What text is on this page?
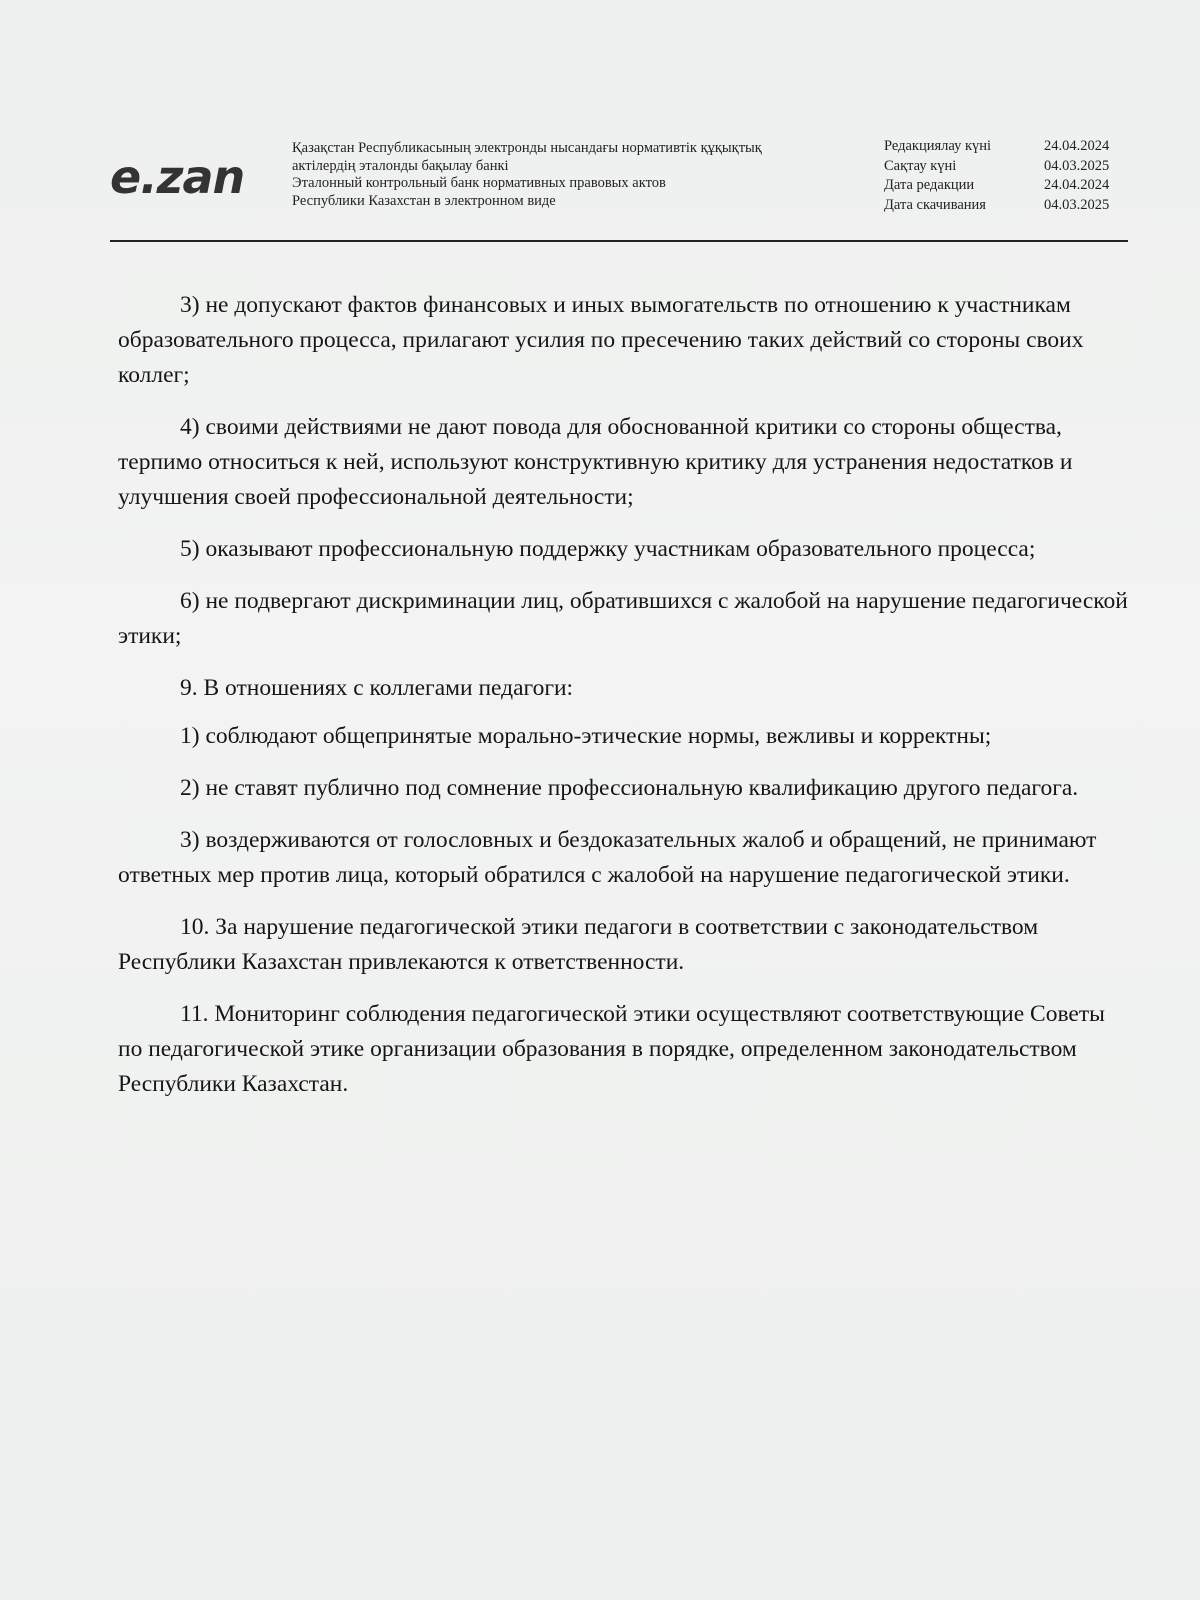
e.zan
Қазақстан Республикасының электронды нысандағы нормативтік құқықтық
актілердің эталонды бақылау банкі
Эталонный контрольный банк нормативных правовых актов
Республики Казахстан в электронном виде
Редакциялау күні	24.04.2024
Сақтау күні	04.03.2025
Дата редакции	24.04.2024
Дата скачивания	04.03.2025

3) не допускают фактов финансовых и иных вымогательств по отношению к участникам образовательного процесса, прилагают усилия по пресечению таких действий со стороны своих коллег;

4) своими действиями не дают повода для обоснованной критики со стороны общества, терпимо относиться к ней, используют конструктивную критику для устранения недостатков и улучшения своей профессиональной деятельности;

5) оказывают профессиональную поддержку участникам образовательного процесса;

6) не подвергают дискриминации лиц, обратившихся с жалобой на нарушение педагогической этики;

9. В отношениях с коллегами педагоги:

1) соблюдают общепринятые морально-этические нормы, вежливы и корректны;

2) не ставят публично под сомнение профессиональную квалификацию другого педагога.

3) воздерживаются от голословных и бездоказательных жалоб и обращений, не принимают ответных мер против лица, который обратился с жалобой на нарушение педагогической этики.

10. За нарушение педагогической этики педагоги в соответствии с законодательством Республики Казахстан привлекаются к ответственности.

11. Мониторинг соблюдения педагогической этики осуществляют соответствующие Советы по педагогической этике организации образования в порядке, определенном законодательством Республики Казахстан.
